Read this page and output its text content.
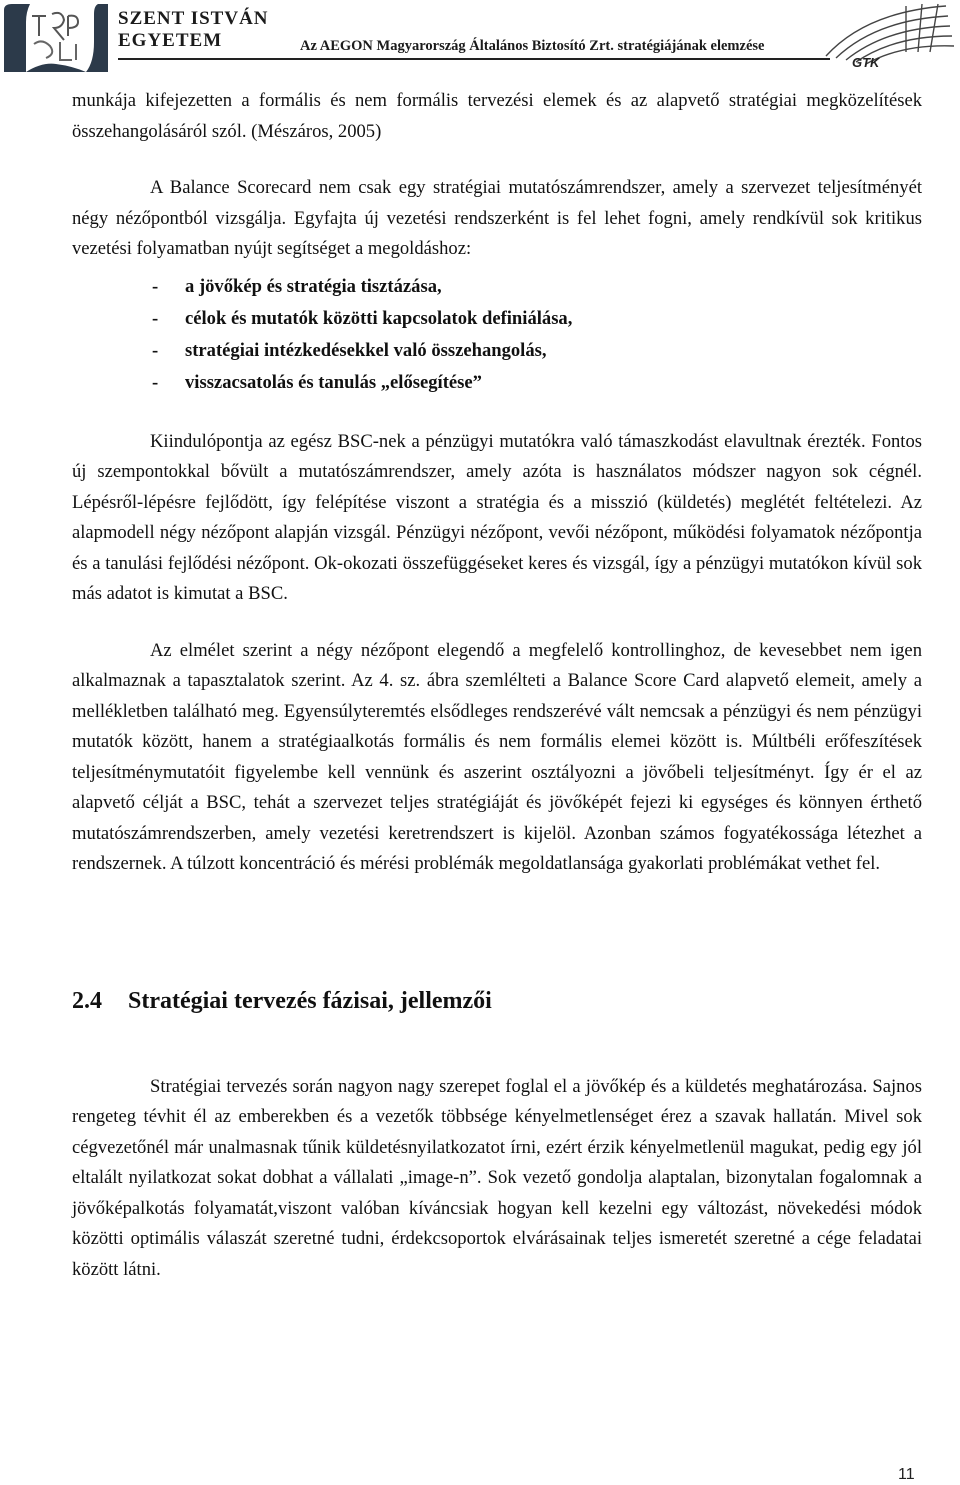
SZENT ISTVÁN
EGYETEM	Az AEGON Magyarország Általános Biztosító Zrt. stratégiájának elemzése
GTK

munkája kifejezetten a formális és nem formális tervezési elemek és az alapvető stratégiai megközelítések összehangolásáról szól. (Mészáros, 2005)

A Balance Scorecard nem csak egy stratégiai mutatószámrendszer, amely a szervezet teljesítményét négy nézőpontból vizsgálja. Egyfajta új vezetési rendszerként is fel lehet fogni, amely rendkívül sok kritikus vezetési folyamatban nyújt segítséget a megoldáshoz:

- a jövőkép és stratégia tisztázása,
- célok és mutatók közötti kapcsolatok definiálása,
- stratégiai intézkedésekkel való összehangolás,
- visszacsatolás és tanulás „elősegítése”

Kiindulópontja az egész BSC-nek a pénzügyi mutatókra való támaszkodást elavultnak érezték. Fontos új szempontokkal bővült a mutatószámrendszer, amely azóta is használatos módszer nagyon sok cégnél. Lépésről-lépésre fejlődött, így felépítése viszont a stratégia és a misszió (küldetés) meglétét feltételezi. Az alapmodell négy nézőpont alapján vizsgál. Pénzügyi nézőpont, vevői nézőpont, működési folyamatok nézőpontja és a tanulási fejlődési nézőpont. Ok-okozati összefüggéseket keres és vizsgál, így a pénzügyi mutatókon kívül sok más adatot is kimutat a BSC.

Az elmélet szerint a négy nézőpont elegendő a megfelelő kontrollinghoz, de kevesebbet nem igen alkalmaznak a tapasztalatok szerint. Az 4. sz. ábra szemlélteti a Balance Score Card alapvető elemeit, amely a mellékletben található meg. Egyensúlyteremtés elsődleges rendszerévé vált nemcsak a pénzügyi és nem pénzügyi mutatók között, hanem a stratégiaalkotás formális és nem formális elemei között is. Múltbéli erőfeszítések teljesítménymutatóit figyelembe kell vennünk és aszerint osztályozni a jövőbeli teljesítményt. Így ér el az alapvető célját a BSC, tehát a szervezet teljes stratégiáját és jövőképét fejezi ki egységes és könnyen érthető mutatószámrendszerben, amely vezetési keretrendszert is kijelöl. Azonban számos fogyatékossága létezhet a rendszernek. A túlzott koncentráció és mérési problémák megoldatlansága gyakorlati problémákat vethet fel.

2.4 Stratégiai tervezés fázisai, jellemzői

Stratégiai tervezés során nagyon nagy szerepet foglal el a jövőkép és a küldetés meghatározása. Sajnos rengeteg tévhit él az emberekben és a vezetők többsége kényelmetlenséget érez a szavak hallatán. Mivel sok cégvezetőnél már unalmasnak tűnik küldetésnyilatkozatot írni, ezért érzik kényelmetlenül magukat, pedig egy jól eltalált nyilatkozat sokat dobhat a vállalati „image-n”. Sok vezető gondolja alaptalan, bizonytalan fogalomnak a jövőképalkotás folyamatát,viszont valóban kíváncsiak hogyan kell kezelni egy változást, növekedési módok közötti optimális válaszát szeretné tudni, érdekcsoportok elvárásainak teljes ismeretét szeretné a cége feladatai között látni.

11
